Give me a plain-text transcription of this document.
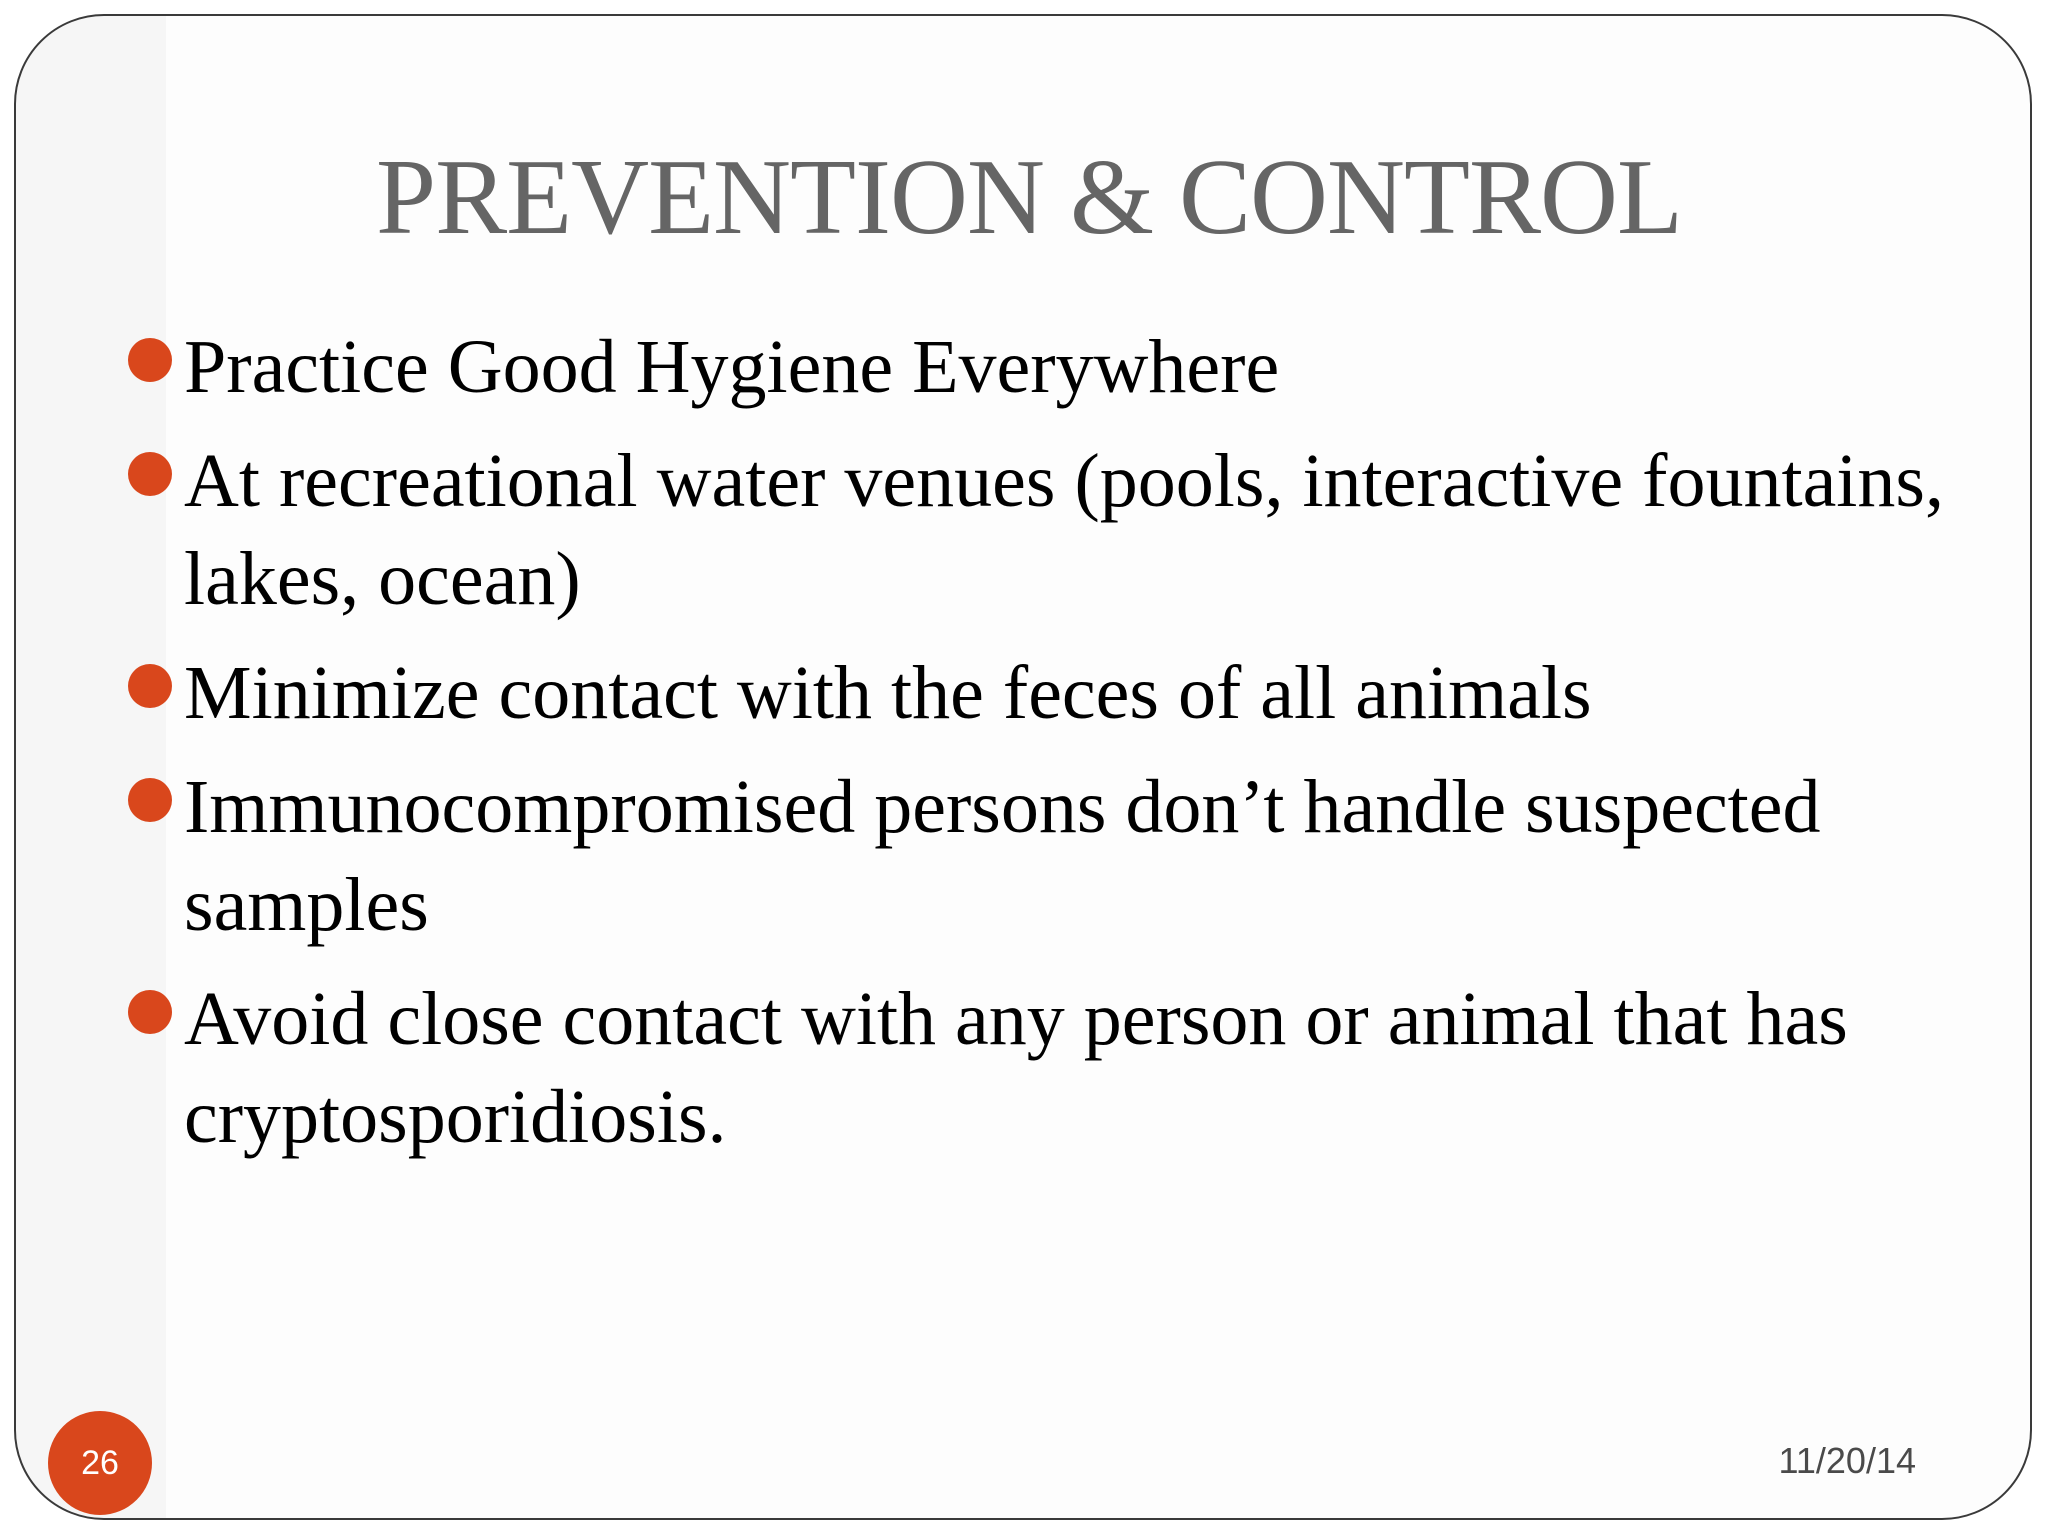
PREVENTION & CONTROL
Practice Good Hygiene Everywhere
At recreational water venues (pools, interactive fountains, lakes, ocean)
Minimize contact with the feces of all animals
Immunocompromised persons don’t handle suspected samples
Avoid close contact with any person or animal that has cryptosporidiosis.
26	11/20/14
